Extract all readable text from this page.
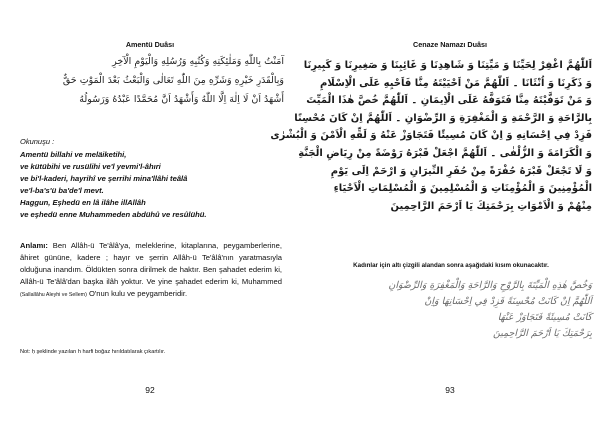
Amentü Duâsı
آمَنْتُ بِاللّٰهِ وَمَلٰئِكَتِهِ وَكُتُبِهِ وَرُسُلِهِ وَالْيَوْمِ الْآخِرِ
وَبِالْقَدَرِ خَيْرِهِ وَشَرِّهِ مِنَ اللّٰهِ تَعَالٰى وَالْبَعْثُ بَعْدَ الْمَوْتِ حَقٌّ
أَشْهَدُ اَنْ لَا اِلٰهَ اِلَّا اللّٰهُ وَأَشْهَدُ اَنَّ مُحَمَّدًا عَبْدُهُ وَرَسُولُهُ
Okunuşu :
Amentü billahi ve meläiketihi,
ve kütübihi ve rusülihi ve'l yevmi'l-âhıri
ve bi'l-kaderi, hayrihî ve şerrihi mina'llâhi teâlâ
ve'l-ba's'ü ba'de'l mevt.
Haggun, Eşhedü en lâ ilâhe illAllâh
ve eşhedü enne Muhammeden abdühû ve resûlühü.
Anlamı: Ben Allâh-ü Te'âlâ'ya, meleklerine, kitaplarına, peygamberlerine, âhiret gününe, kadere ; hayır ve şerrin Allâh-ü Te'âlâ'nın yaratmasıyla olduğuna inandım. Öldükten sonra dirilmek de haktır. Ben şahadet ederim ki, Allâh-ü Te'âlâ'dan başka ilâh yoktur. Ve yine şahadet ederim ki, Muhammed (Sallallâhu Aleyhi ve Sellem) O'nun kulu ve peygamberidir.
Not: ḥ şeklinde yazılan h harfi boğaz hırıldatılarak çıkartılır.
92
Cenaze Namazı Duâsı
اَللّٰهُمَّ اغْفِرْ لِحَيِّنَا وَ مَيِّتِنَا وَ شَاهِدِنَا وَ غَائِبِنَا وَ صَغِيرِنَا وَ كَبِيرِنَا
وَ ذَكَرِنَا وَ اُنْثَانَا ۔ اَللّٰهُمَّ مَنْ اَحْيَيْتَهُ مِنَّا فَاَحْيِهِ عَلَى الْاِسْلَامِ
وَ مَنْ تَوَفَّيْتَهُ مِنَّا فَتَوَفَّهُ عَلَى الْاِيمَانِ ۔ اَللّٰهُمَّ خُصَّ هٰذَا الْمَيِّتَ
بِالرَّاحَةِ وَ الرَّحْمَةِ وَ الْمَغْفِرَةِ وَ الرِّضْوَانِ ۔ اَللّٰهُمَّ اِنْ كَانَ مُحْسِنًا
فَزِدْ فِي اِحْسَانِهِ وَ اِنْ كَانَ مُسِيئًا فَتَجَاوَزْ عَنْهُ وَ لَقِّهِ الْاَمْنَ وَ الْبُشْرٰى
وَ الْكَرَامَةَ وَ الزُّلْفٰى ۔ اَللّٰهُمَّ اجْعَلْ قَبْرَهُ رَوْضَةً مِنْ رِيَاضِ الْجَنَّةِ
وَ لَا تَجْعَلْ قَبْرَهُ حُفْرَةً مِنْ حُفَرِ النِّيرَانِ وَ ارْحَمْ اِلَى يَوْمِ
الْمُؤْمِنِينَ وَ الْمُؤْمِنَاتِ وَ الْمُسْلِمِينَ وَ الْمُسْلِمَاتِ الْاَحْيَاءِ
مِنْهُمْ وَ الْاَمْوَاتِ بِرَحْمَتِكَ يَا اَرْحَمَ الرَّاحِمِينَ
Kadınlar için altı çizgili alandan sonra aşağıdaki kısım okunacaktır.
وَخُصَّ هٰذِهِ الْمَيِّتَةَ بِالرَّوْحِ وَالرَّاحَةِ وَالْمَغْفِرَةِ وَالرِّضْوَانِ
اَللّٰهُمَّ اِنْ كَانَتْ مُحْسِنَةً فَزِدْ فِي اِحْسَانِهَا وَاِنْ
كَانَتْ مُسِيئَةً فَتَجَاوَزْ عَنْهَا
بِرَحْمَتِكَ يَا اَرْحَمَ الرَّاحِمِينَ
93
